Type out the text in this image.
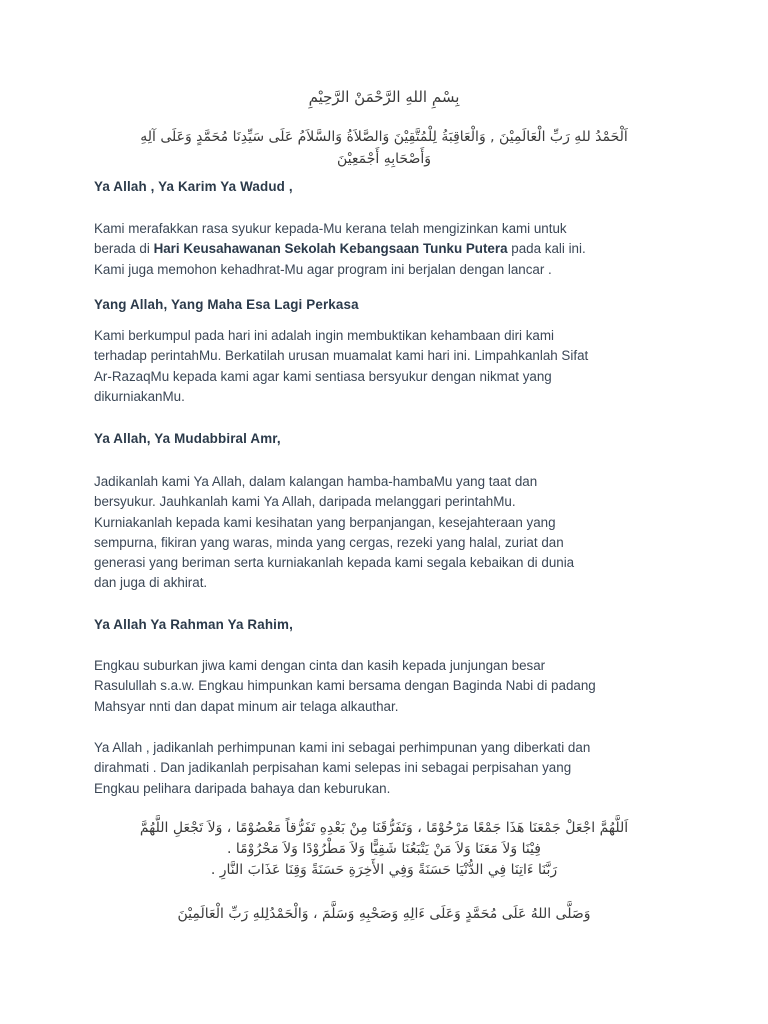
بِسْمِ اللهِ الرَّحْمَنْ الرَّحِيْمِ
اَلْحَمْدُ للهِ رَبِّ الْعَالَمِيْنَ , وَالْعَاقِبَةُ لِلْمُتَّقِيْنَ وَالصَّلاَةُ وَالسَّلاَمُ عَلَى سَيِّدِنَا مُحَمَّدٍ وَعَلَى آلِهِ
وَأَصْحَابِهِ أَجْمَعِيْنَ
Ya Allah , Ya Karim Ya Wadud ,
Kami merafakkan rasa syukur kepada-Mu kerana telah mengizinkan kami untuk
berada di Hari Keusahawanan Sekolah Kebangsaan Tunku Putera pada kali ini.
Kami juga memohon kehadhrat-Mu agar program ini berjalan dengan lancar .
Yang Allah, Yang Maha Esa Lagi Perkasa
Kami berkumpul pada hari ini adalah ingin membuktikan kehambaan diri kami
terhadap perintahMu. Berkatilah urusan muamalat kami hari ini. Limpahkanlah Sifat
Ar-RazaqMu kepada kami agar kami sentiasa bersyukur dengan nikmat yang
dikurniakanMu.
Ya Allah, Ya Mudabbiral Amr,
Jadikanlah kami Ya Allah, dalam kalangan hamba-hambaMu yang taat dan
bersyukur. Jauhkanlah kami Ya Allah, daripada melanggari perintahMu.
Kurniakanlah kepada kami kesihatan yang berpanjangan, kesejahteraan yang
sempurna, fikiran yang waras, minda yang cergas, rezeki yang halal, zuriat dan
generasi yang beriman serta kurniakanlah kepada kami segala kebaikan di dunia
dan juga di akhirat.
Ya Allah Ya Rahman Ya Rahim,
Engkau suburkan jiwa kami dengan cinta dan kasih kepada junjungan besar
Rasulullah s.a.w. Engkau himpunkan kami bersama dengan Baginda Nabi di padang
Mahsyar nnti dan dapat minum air telaga alkauthar.
Ya Allah , jadikanlah perhimpunan kami ini sebagai perhimpunan yang diberkati dan
dirahmati . Dan jadikanlah perpisahan kami selepas ini sebagai perpisahan yang
Engkau pelihara daripada bahaya dan keburukan.
اَللَّهُمَّ اجْعَلْ جَمْعَنَا هَذَا جَمْعًا مَرْحُوْمًا ، وَتَفَرُّقَنَا مِنْ بَعْدِهِ تَفَرُّقاً مَعْصُوْمًا ، وَلاَ تَجْعَلِ اللَّهُمَّ
فِيْنَا وَلاَ مَعَنَا وَلاَ مَنْ يَتْبَعُنَا شَقِيًّا وَلاَ مَطْرُوْدًا وَلاَ مَحْرُوْمًا .
رَبَّنَا ءَاتِنَا فِي الدُّنْيَا حَسَنَةً وَفِي الأَخِرَةِ حَسَنَةً وَقِنَا عَذَابَ النَّارِ .
وَصَلَّى اللهُ عَلَى مُحَمَّدٍ وَعَلَى ءَالِهِ وَصَحْبِهِ وَسَلَّمَ ، وَالْحَمْدُلِلهِ رَبِّ الْعَالَمِيْنَ
